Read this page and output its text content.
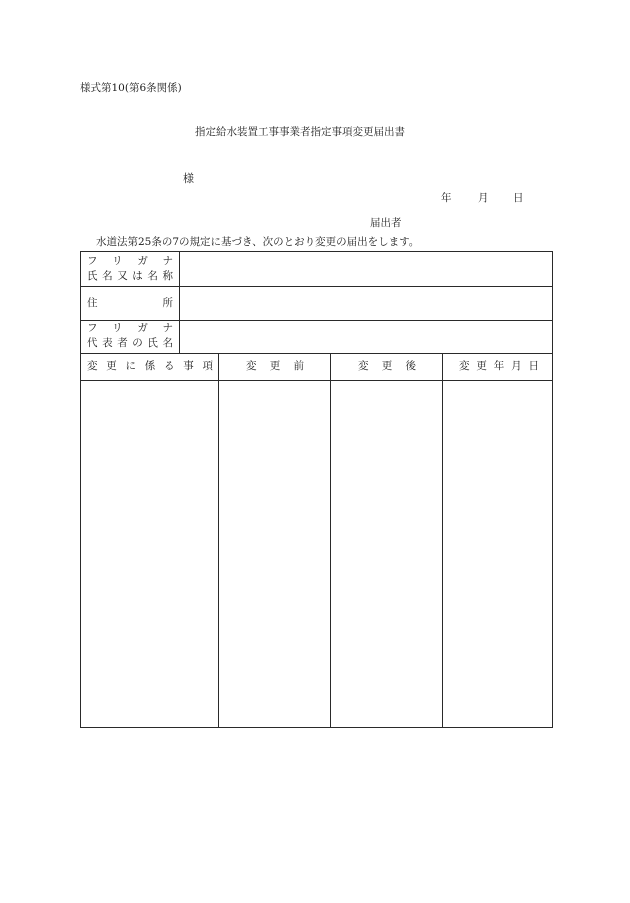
様式第10(第6条関係)
指定給水装置工事事業者指定事項変更届出書
様
年	月 日
届出者
水道法第25条の7の規定に基づき、次のとおり変更の届出をします。
フ リ ガ ナ
氏 名 又 は 名 称
住	所
フ リ ガ ナ
代 表 者 の 氏 名
変 更 に 係 る 事 項	変 更 前	変 更 後	変 更 年 月 日
